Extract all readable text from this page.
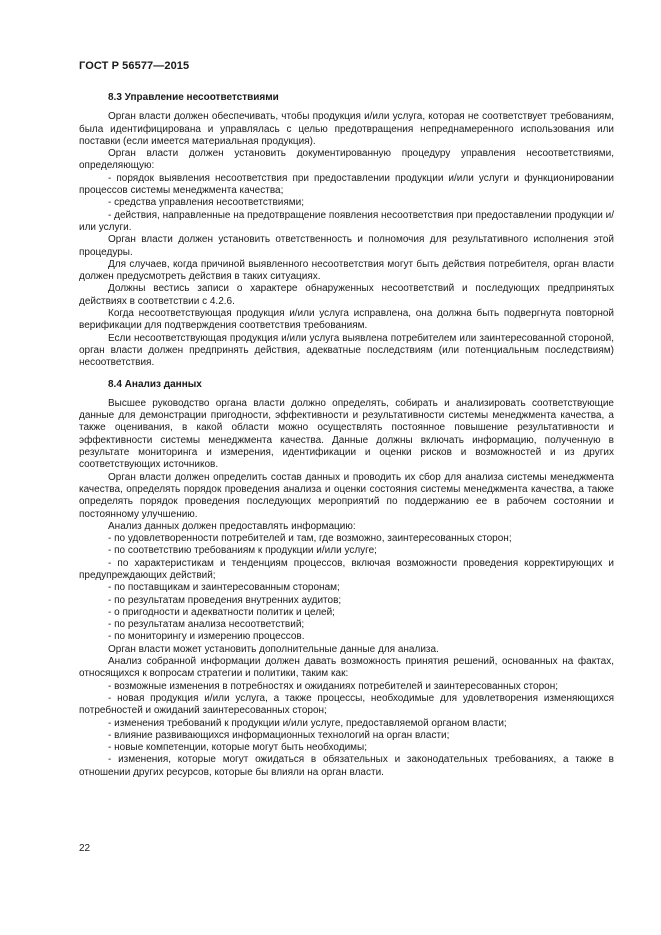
ГОСТ Р 56577—2015

8.3 Управление несоответствиями

Орган власти должен обеспечивать, чтобы продукция и/или услуга, которая не соответствует требованиям, была идентифицирована и управлялась с целью предотвращения непреднамеренного использования или поставки (если имеется материальная продукция).

Орган власти должен установить документированную процедуру управления несоответствиями, определяющую:

- порядок выявления несоответствия при предоставлении продукции и/или услуги и функционировании процессов системы менеджмента качества;

- средства управления несоответствиями;

- действия, направленные на предотвращение появления несоответствия при предоставлении продукции и/или услуги.

Орган власти должен установить ответственность и полномочия для результативного исполнения этой процедуры.

Для случаев, когда причиной выявленного несоответствия могут быть действия потребителя, орган власти должен предусмотреть действия в таких ситуациях.

Должны вестись записи о характере обнаруженных несоответствий и последующих предпринятых действиях в соответствии с 4.2.6.

Когда несоответствующая продукция и/или услуга исправлена, она должна быть подвергнута повторной верификации для подтверждения соответствия требованиям.

Если несоответствующая продукция и/или услуга выявлена потребителем или заинтересованной стороной, орган власти должен предпринять действия, адекватные последствиям (или потенциальным последствиям) несоответствия.

8.4 Анализ данных

Высшее руководство органа власти должно определять, собирать и анализировать соответствующие данные для демонстрации пригодности, эффективности и результативности системы менеджмента качества, а также оценивания, в какой области можно осуществлять постоянное повышение результативности и эффективности системы менеджмента качества. Данные должны включать информацию, полученную в результате мониторинга и измерения, идентификации и оценки рисков и возможностей и из других соответствующих источников.

Орган власти должен определить состав данных и проводить их сбор для анализа системы менеджмента качества, определять порядок проведения анализа и оценки состояния системы менеджмента качества, а также определять порядок проведения последующих мероприятий по поддержанию ее в рабочем состоянии и постоянному улучшению.

Анализ данных должен предоставлять информацию:

- по удовлетворенности потребителей и там, где возможно, заинтересованных сторон;

- по соответствию требованиям к продукции и/или услуге;

- по характеристикам и тенденциям процессов, включая возможности проведения корректирующих и предупреждающих действий;

- по поставщикам и заинтересованным сторонам;

- по результатам проведения внутренних аудитов;

- о пригодности и адекватности политик и целей;

- по результатам анализа несоответствий;

- по мониторингу и измерению процессов.

Орган власти может установить дополнительные данные для анализа.

Анализ собранной информации должен давать возможность принятия решений, основанных на фактах, относящихся к вопросам стратегии и политики, таким как:

- возможные изменения в потребностях и ожиданиях потребителей и заинтересованных сторон;

- новая продукция и/или услуга, а также процессы, необходимые для удовлетворения изменяющихся потребностей и ожиданий заинтересованных сторон;

- изменения требований к продукции и/или услуге, предоставляемой органом власти;

- влияние развивающихся информационных технологий на орган власти;

- новые компетенции, которые могут быть необходимы;

- изменения, которые могут ожидаться в обязательных и законодательных требованиях, а также в отношении других ресурсов, которые бы влияли на орган власти.

22
